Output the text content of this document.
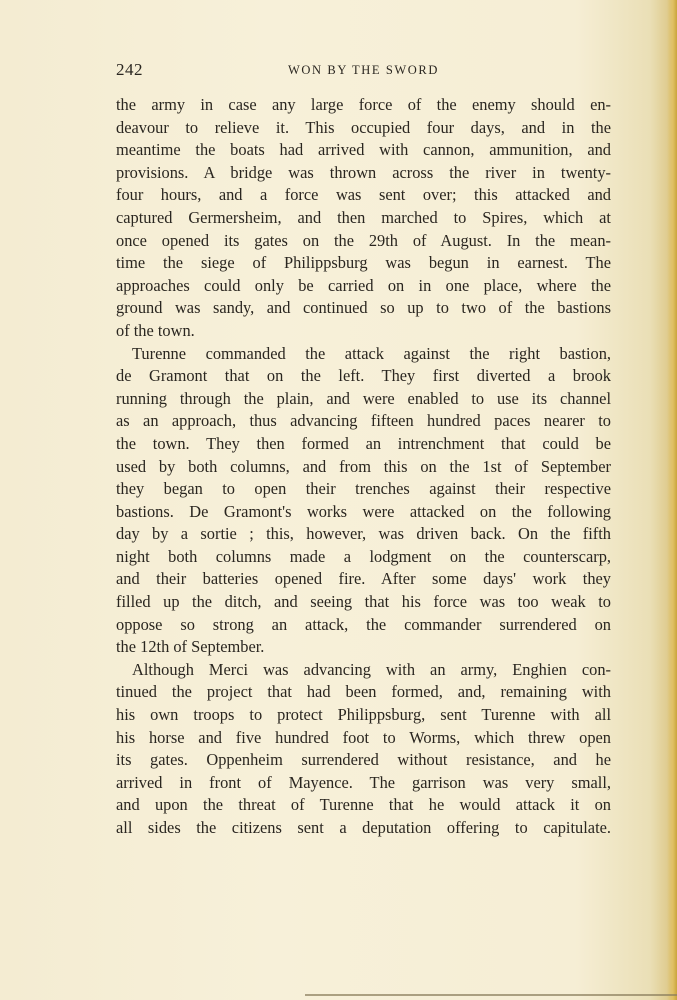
242	WON BY THE SWORD

the army in case any large force of the enemy should en-

deavour to relieve it. This occupied four days, and in the

meantime the boats had arrived with cannon, ammunition, and

provisions. A bridge was thrown across the river in twenty-

four hours, and a force was sent over; this attacked and

captured Germersheim, and then marched to Spires, which at

once opened its gates on the 29th of August. In the mean-

time the siege of Philippsburg was begun in earnest. The

approaches could only be carried on in one place, where the

ground was sandy, and continued so up to two of the bastions

of the town.

Turenne commanded the attack against the right bastion,

de Gramont that on the left. They first diverted a brook

running through the plain, and were enabled to use its channel

as an approach, thus advancing fifteen hundred paces nearer to

the town. They then formed an intrenchment that could be

used by both columns, and from this on the 1st of September

they began to open their trenches against their respective

bastions. De Gramont's works were attacked on the following

day by a sortie ; this, however, was driven back. On the fifth

night both columns made a lodgment on the counterscarp,

and their batteries opened fire. After some days' work they

filled up the ditch, and seeing that his force was too weak to

oppose so strong an attack, the commander surrendered on

the 12th of September.

Although Merci was advancing with an army, Enghien con-

tinued the project that had been formed, and, remaining with

his own troops to protect Philippsburg, sent Turenne with all

his horse and five hundred foot to Worms, which threw open

its gates. Oppenheim surrendered without resistance, and he

arrived in front of Mayence. The garrison was very small,

and upon the threat of Turenne that he would attack it on

all sides the citizens sent a deputation offering to capitulate.
